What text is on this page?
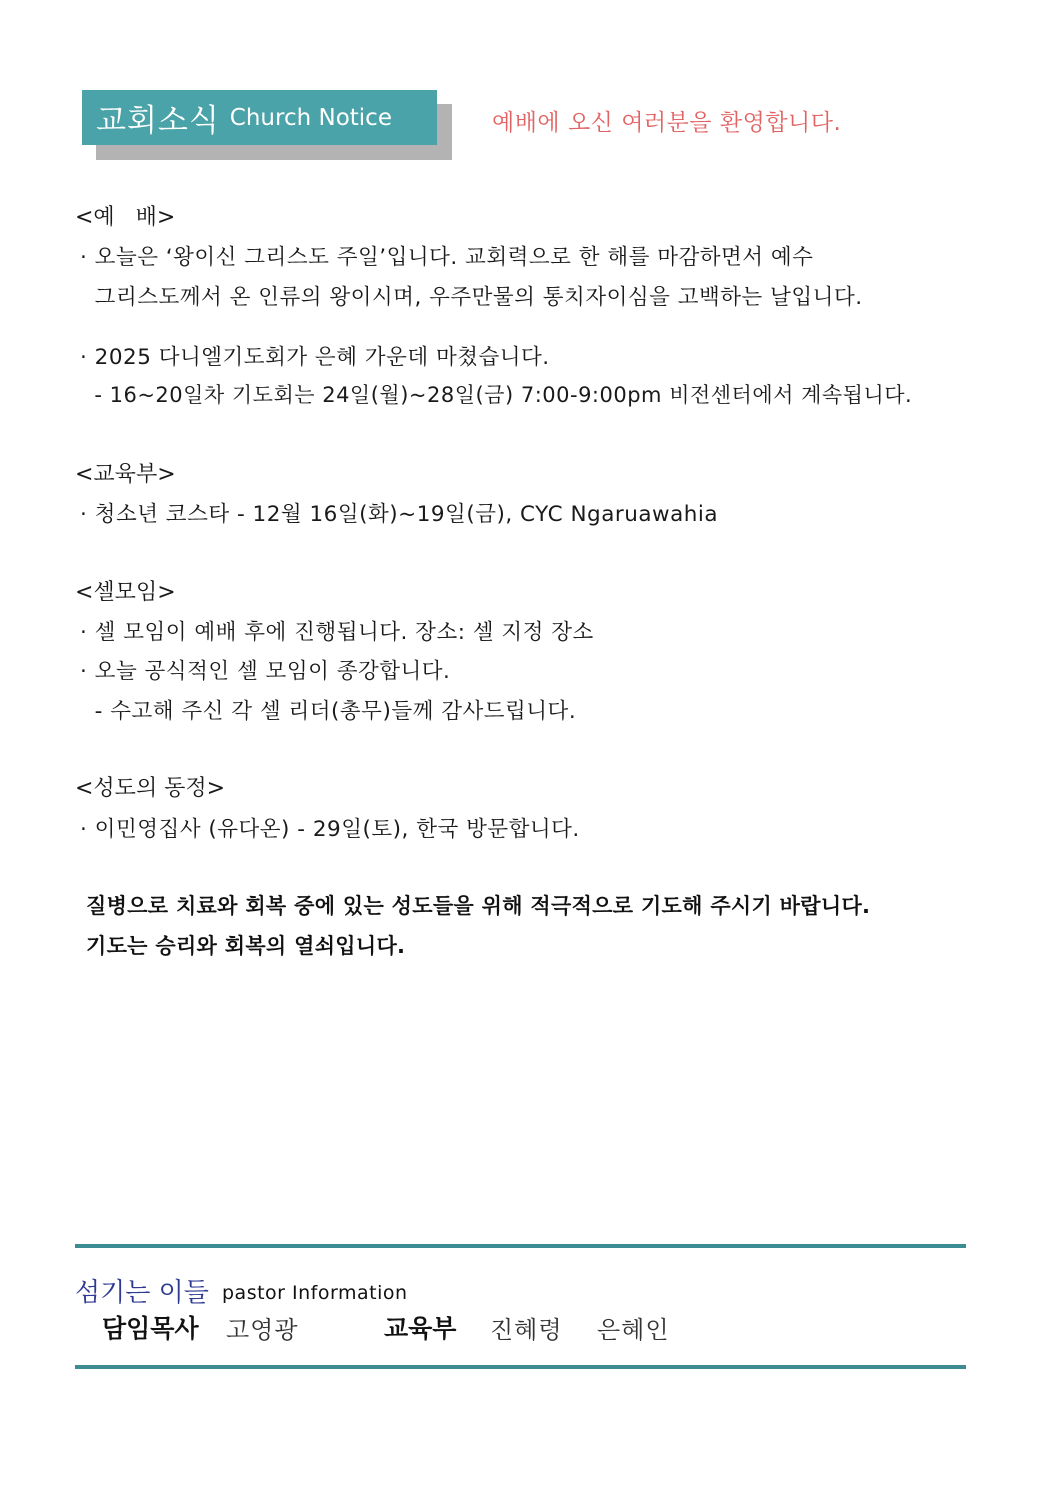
교회소식 Church Notice	예배에 오신 여러분을 환영합니다.
<예   배>
· 오늘은 ‘왕이신 그리스도 주일’입니다. 교회력으로 한 해를 마감하면서 예수
그리스도께서 온 인류의 왕이시며, 우주만물의 통치자이심을 고백하는 날입니다.
· 2025 다니엘기도회가 은혜 가운데 마쳤습니다.
- 16~20일차 기도회는 24일(월)~28일(금) 7:00-9:00pm 비전센터에서 계속됩니다.
<교육부>
· 청소년 코스타 - 12월 16일(화)~19일(금), CYC Ngaruawahia
<셀모임>
· 셀 모임이 예배 후에 진행됩니다. 장소: 셀 지정 장소
· 오늘 공식적인 셀 모임이 종강합니다.
- 수고해 주신 각 셀 리더(총무)들께 감사드립니다.
<성도의 동정>
· 이민영집사 (유다온) - 29일(토), 한국 방문합니다.
질병으로 치료와 회복 중에 있는 성도들을 위해 적극적으로 기도해 주시기 바랍니다.
기도는 승리와 회복의 열쇠입니다.
섬기는 이들 pastor Information
담임목사 고영광	교육부 진혜령 은혜인
